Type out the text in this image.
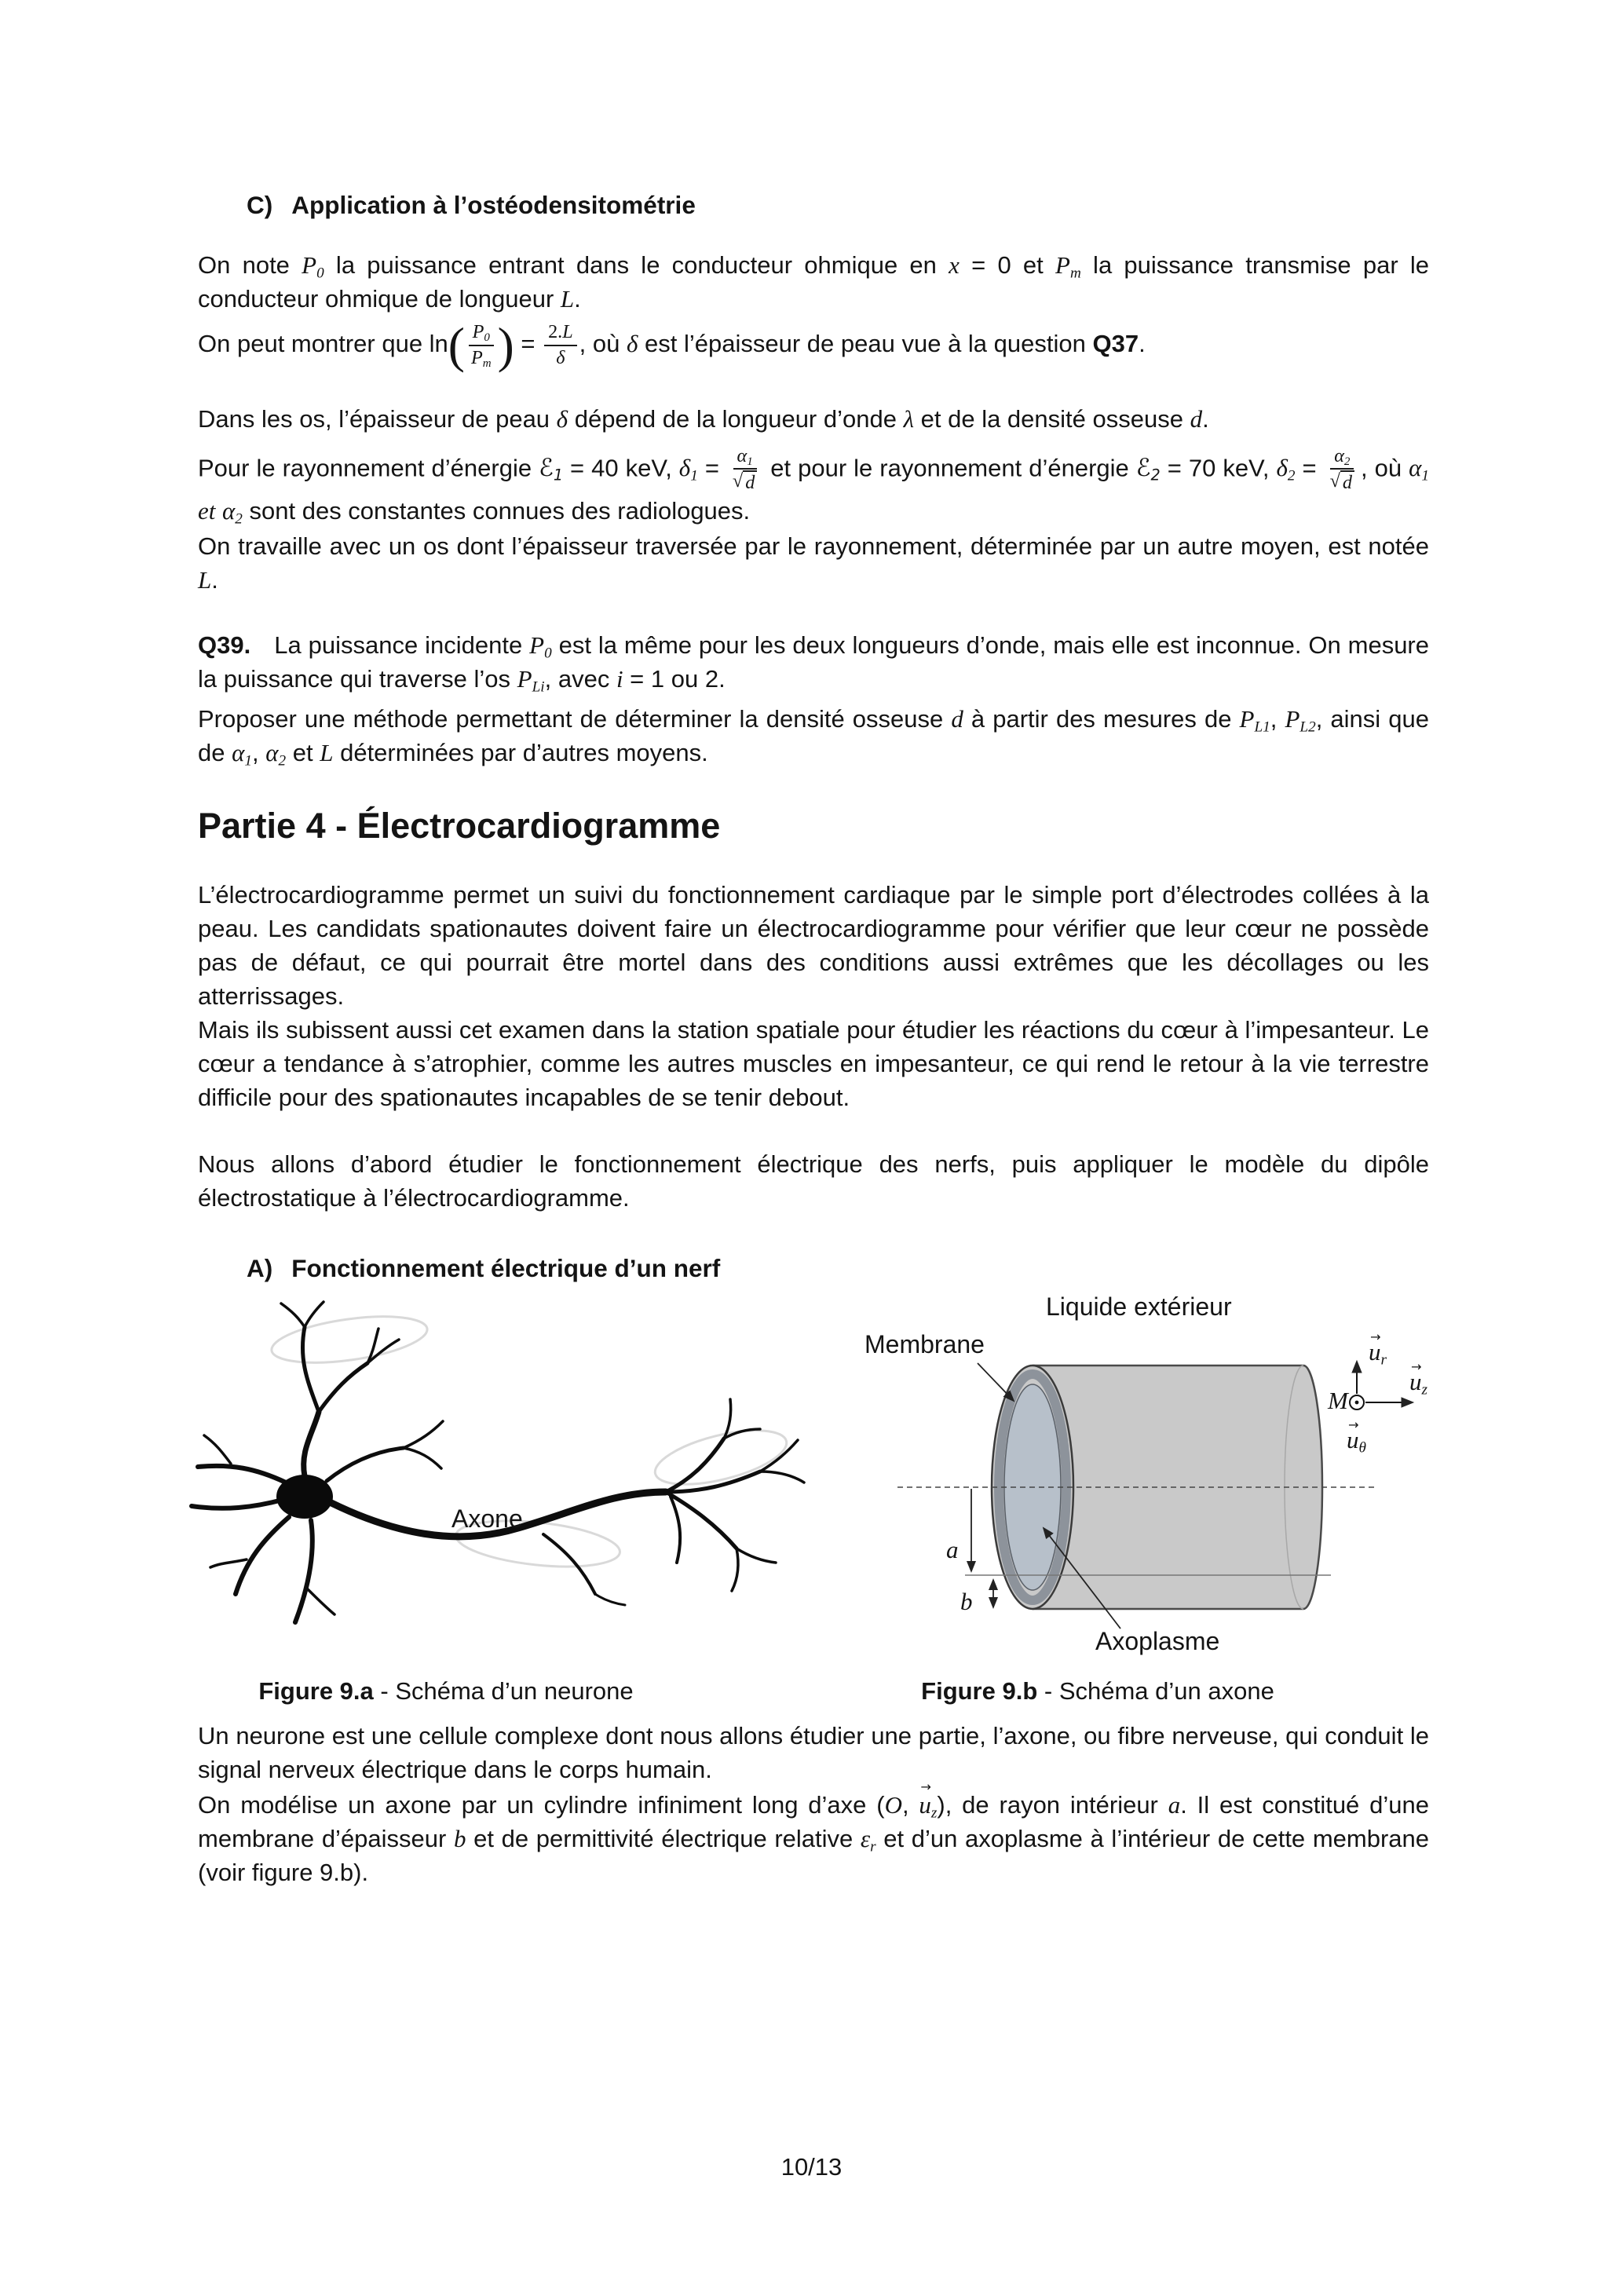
C) Application à l’ostéodensitométrie

On note $P_0$ la puissance entrant dans le conducteur ohmique en x = 0 et $P_m$ la puissance transmise par le conducteur ohmique de longueur L.

On peut montrer que ln ( $\frac{P_0}{P_m}$ ) = $\frac{2.L}{\delta}$ , où δ est l’épaisseur de peau vue à la question Q37.

Dans les os, l’épaisseur de peau δ dépend de la longueur d’onde λ et de la densité osseuse d.

Pour le rayonnement d’énergie ℰ$_1$ = 40 keV, $\delta_1 = \frac{\alpha_1}{√ d}$ et pour le rayonnement d’énergie ℰ$_2$ = 70 keV, $\delta_2 = \frac{\alpha_2}{√ d}$ , où $\alpha_1$ et $\alpha_2$ sont des constantes connues des radiologues.

On travaille avec un os dont l’épaisseur traversée par le rayonnement, déterminée par un autre moyen, est notée L.

Q39. La puissance incidente $P_0$ est la même pour les deux longueurs d’onde, mais elle est inconnue. On mesure la puissance qui traverse l’os $P_{Li}$, avec i = 1 ou 2.

Proposer une méthode permettant de déterminer la densité osseuse d à partir des mesures de $P_{L1}$, $P_{L2}$, ainsi que de $\alpha_1$, $\alpha_2$ et L déterminées par d’autres moyens.

Partie 4 - Électrocardiogramme

L’électrocardiogramme permet un suivi du fonctionnement cardiaque par le simple port d’électrodes collées à la peau. Les candidats spationautes doivent faire un électrocardiogramme pour vérifier que leur cœur ne possède pas de défaut, ce qui pourrait être mortel dans des conditions aussi extrêmes que les décollages ou les atterrissages.

Mais ils subissent aussi cet examen dans la station spatiale pour étudier les réactions du cœur à l’impesanteur. Le cœur a tendance à s’atrophier, comme les autres muscles en impesanteur, ce qui rend le retour à la vie terrestre difficile pour des spationautes incapables de se tenir debout.

Nous allons d’abord étudier le fonctionnement électrique des nerfs, puis appliquer le modèle du dipôle électrostatique à l’électrocardiogramme.

A) Fonctionnement électrique d’un nerf
Axone
Liquide extérieur
Membrane
Axoplasme
a
b
M
→ $u_r$
→ $u_z$
→ $u_\theta$
Figure 9.a - Schéma d’un neurone	Figure 9.b - Schéma d’un axone

Un neurone est une cellule complexe dont nous allons étudier une partie, l’axone, ou fibre nerveuse, qui conduit le signal nerveux électrique dans le corps humain.

On modélise un axone par un cylindre infiniment long d’axe (O, → $u_z$), de rayon intérieur a. Il est constitué d’une membrane d’épaisseur b et de permittivité électrique relative $\varepsilon_r$ et d’un axoplasme à l’intérieur de cette membrane (voir figure 9.b).

10/13
